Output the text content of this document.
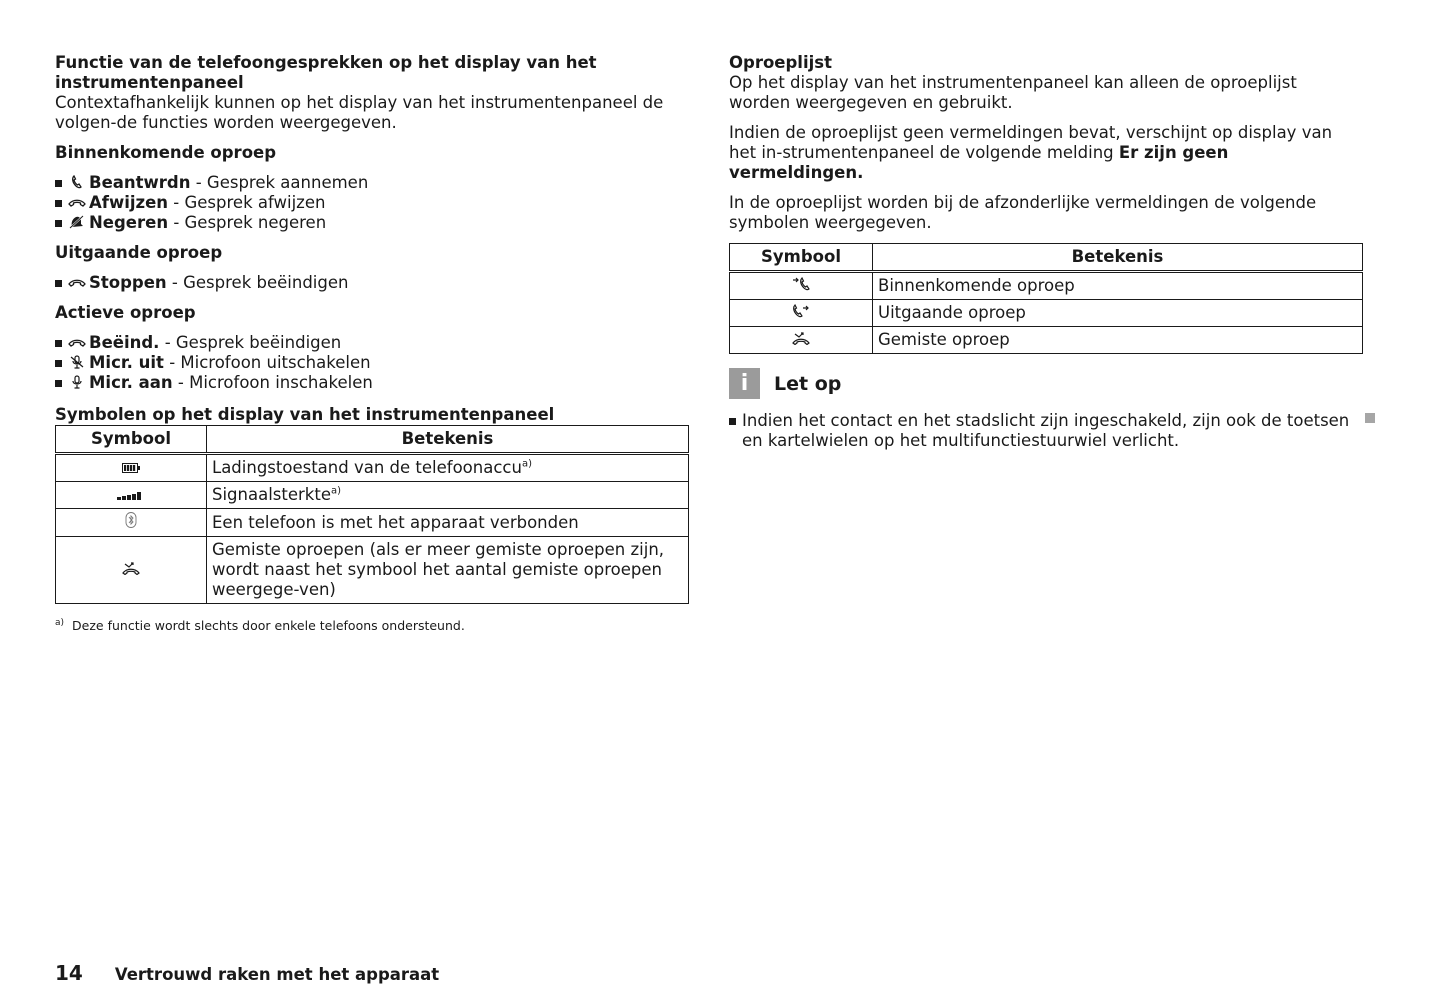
Functie van de telefoongesprekken op het display van het instrumentenpaneel

Contextafhankelijk kunnen op het display van het instrumentenpaneel de volgen-de functies worden weergegeven.

Binnenkomende oproep

Beantwrdn - Gesprek aannemen
Afwijzen - Gesprek afwijzen
Negeren - Gesprek negeren

Uitgaande oproep

Stoppen - Gesprek beëindigen

Actieve oproep

Beëind. - Gesprek beëindigen
Micr. uit - Microfoon uitschakelen
Micr. aan - Microfoon inschakelen

Symbolen op het display van het instrumentenpaneel

Symbool	Betekenis
	Ladingstoestand van de telefoonaccu$^{a)}$
	Signaalsterkte$^{a)}$
	Een telefoon is met het apparaat verbonden
	Gemiste oproepen (als er meer gemiste oproepen zijn, wordt naast het symbool het aantal gemiste oproepen weergege-ven)

$^{a)}$ Deze functie wordt slechts door enkele telefoons ondersteund.

Oproeplijst

Op het display van het instrumentenpaneel kan alleen de oproeplijst worden weergegeven en gebruikt.

Indien de oproeplijst geen vermeldingen bevat, verschijnt op display van het in-strumentenpaneel de volgende melding Er zijn geen vermeldingen.

In de oproeplijst worden bij de afzonderlijke vermeldingen de volgende symbolen weergegeven.

Symbool	Betekenis
	Binnenkomende oproep
	Uitgaande oproep
	Gemiste oproep
i	Let op
Indien het contact en het stadslicht zijn ingeschakeld, zijn ook de toetsen en kartelwielen op het multifunctiestuurwiel verlicht.
14 Vertrouwd raken met het apparaat
